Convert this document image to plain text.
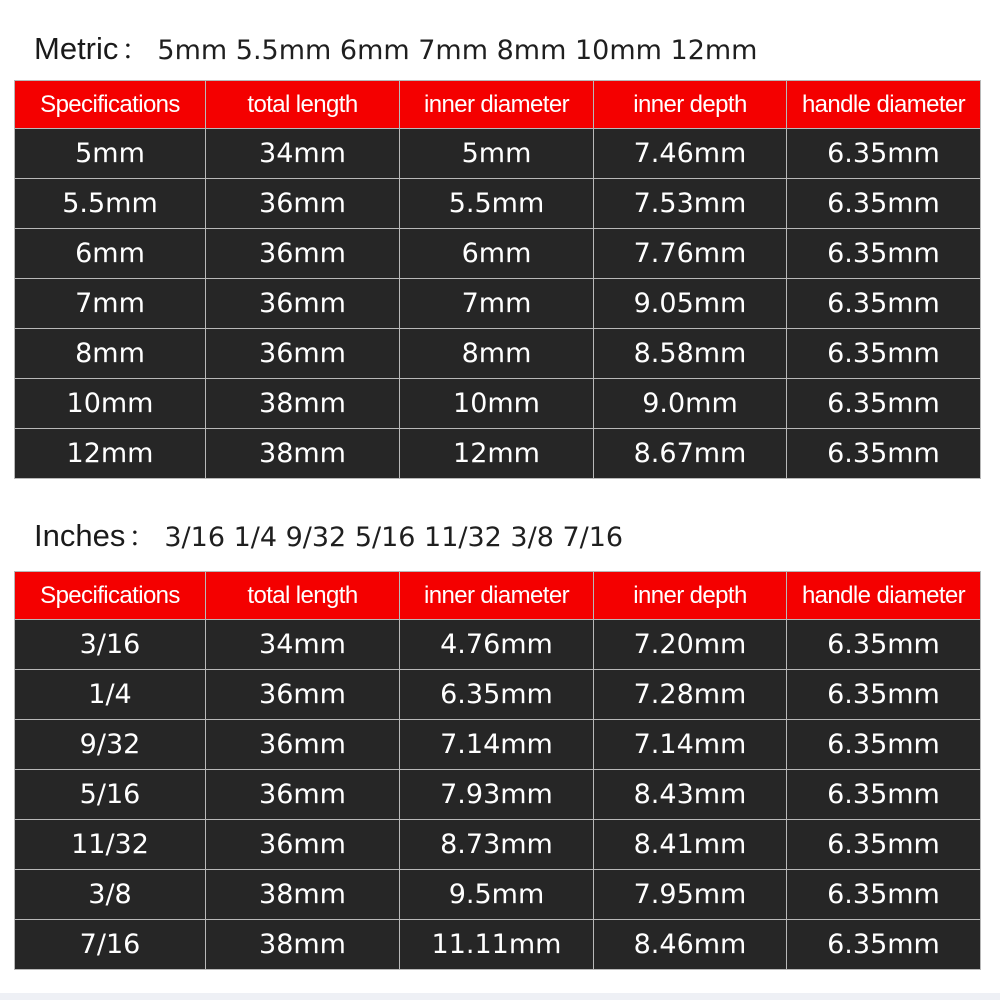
Metric ： 5mm 5.5mm 6mm 7mm 8mm 10mm 12mm
Specifications	total length	inner diameter	inner depth	handle diameter
5mm	34mm	5mm	7.46mm	6.35mm
5.5mm	36mm	5.5mm	7.53mm	6.35mm
6mm	36mm	6mm	7.76mm	6.35mm
7mm	36mm	7mm	9.05mm	6.35mm
8mm	36mm	8mm	8.58mm	6.35mm
10mm	38mm	10mm	9.0mm	6.35mm
12mm	38mm	12mm	8.67mm	6.35mm
Inches ： 3/16 1/4 9/32 5/16 11/32 3/8 7/16
Specifications	total length	inner diameter	inner depth	handle diameter
3/16	34mm	4.76mm	7.20mm	6.35mm
1/4	36mm	6.35mm	7.28mm	6.35mm
9/32	36mm	7.14mm	7.14mm	6.35mm
5/16	36mm	7.93mm	8.43mm	6.35mm
11/32	36mm	8.73mm	8.41mm	6.35mm
3/8	38mm	9.5mm	7.95mm	6.35mm
7/16	38mm	11.11mm	8.46mm	6.35mm
